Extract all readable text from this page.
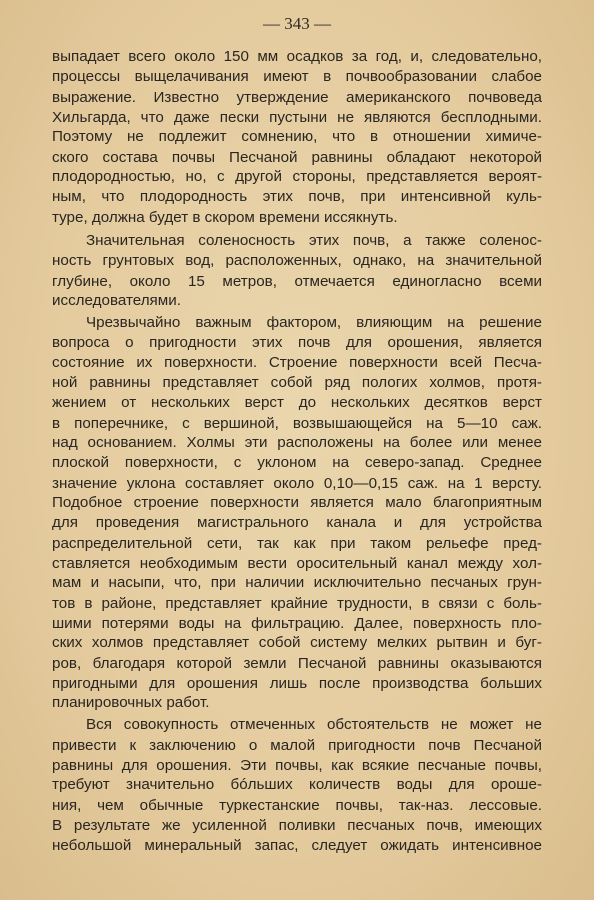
— 343 —

выпадает всего около 150 мм осадков за год, и, следовательно,

процессы выщелачивания имеют в почвообразовании слабое

выражение. Известно утверждение американского почвоведа

Хильгарда, что даже пески пустыни не являются бесплодными.

Поэтому не подлежит сомнению, что в отношении химиче-

ского состава почвы Песчаной равнины обладают некоторой

плодородностью, но, с другой стороны, представляется вероят-

ным, что плодородность этих почв, при интенсивной куль-

туре, должна будет в скором времени иссякнуть.

Значительная соленосность этих почв, а также соленос-

ность грунтовых вод, расположенных, однако, на значительной

глубине, около 15 метров, отмечается единогласно всеми

исследователями.

Чрезвычайно важным фактором, влияющим на решение

вопроса о пригодности этих почв для орошения, является

состояние их поверхности. Строение поверхности всей Песча-

ной равнины представляет собой ряд пологих холмов, протя-

жением от нескольких верст до нескольких десятков верст

в поперечнике, с вершиной, возвышающейся на 5—10 саж.

над основанием. Холмы эти расположены на более или менее

плоской поверхности, с уклоном на северо-запад. Среднее

значение уклона составляет около 0,10—0,15 саж. на 1 версту.

Подобное строение поверхности является мало благоприятным

для проведения магистрального канала и для устройства

распределительной сети, так как при таком рельефе пред-

ставляется необходимым вести оросительный канал между хол-

мам и насыпи, что, при наличии исключительно песчаных грун-

тов в районе, представляет крайние трудности, в связи с боль-

шими потерями воды на фильтрацию. Далее, поверхность пло-

ских холмов представляет собой систему мелких рытвин и буг-

ров, благодаря которой земли Песчаной равнины оказываются

пригодными для орошения лишь после производства больших

планировочных работ.

Вся совокупность отмеченных обстоятельств не может не

привести к заключению о малой пригодности почв Песчаной

равнины для орошения. Эти почвы, как всякие песчаные почвы,

требуют значительно бóльших количеств воды для ороше-

ния, чем обычные туркестанские почвы, так-наз. лессовые.

В результате же усиленной поливки песчаных почв, имеющих

небольшой минеральный запас, следует ожидать интенсивное
